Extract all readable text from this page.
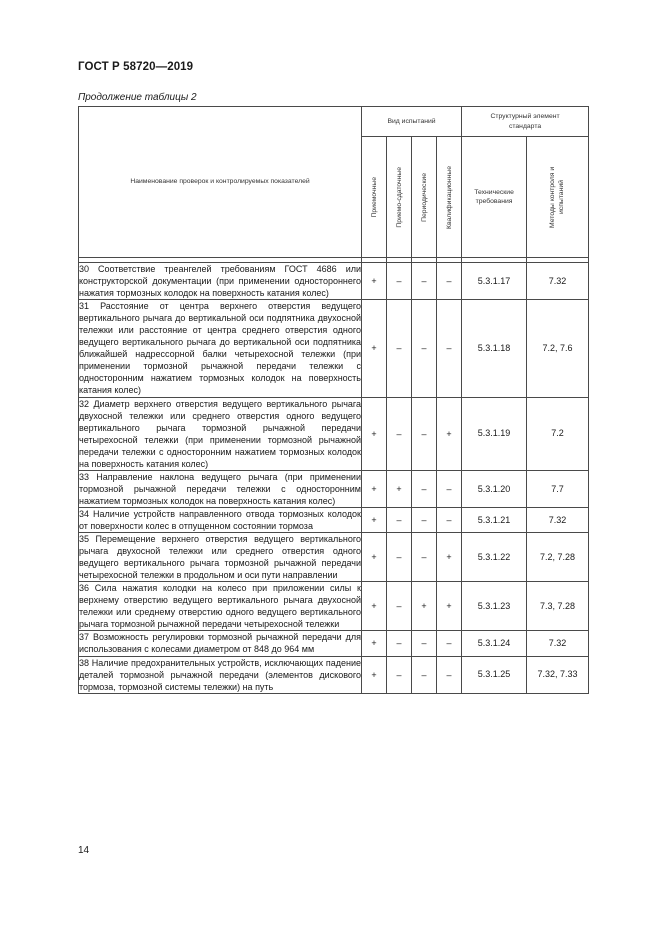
ГОСТ Р 58720—2019
Продолжение таблицы 2
Наименование проверок и контролируемых показателей	Вид испытаний				Структурный элемент стандарта	

	Приемочные	Приемо-сдаточные	Периодические	Квалификационные	Технические требования	Методы контроля и испытаний

30 Соответствие треангелей требованиям ГОСТ 4686 или конструкторской документации (при применении одностороннего нажатия тормозных колодок на поверхность катания колес)	+	–	–	–	5.3.1.17	7.32
31 Расстояние от центра верхнего отверстия ведущего вертикального рычага до вертикальной оси подпятника двухосной тележки или расстояние от центра среднего отверстия одного ведущего вертикального рычага до вертикальной оси подпятника ближайшей надрессорной балки четырехосной тележки (при применении тормозной рычажной передачи тележки с односторонним нажатием тормозных колодок на поверхность катания колес)	+	–	–	–	5.3.1.18	7.2, 7.6
32 Диаметр верхнего отверстия ведущего вертикального рычага двухосной тележки или среднего отверстия одного ведущего вертикального рычага тормозной рычажной передачи четырехосной тележки (при применении тормозной рычажной передачи тележки с односторонним нажатием тормозных колодок на поверхность катания колес)	+	–	–	+	5.3.1.19	7.2
33 Направление наклона ведущего рычага (при применении тормозной рычажной передачи тележки с односторонним нажатием тормозных колодок на поверхность катания колес)	+	+	–	–	5.3.1.20	7.7
34 Наличие устройств направленного отвода тормозных колодок от поверхности колес в отпущенном состоянии тормоза	+	–	–	–	5.3.1.21	7.32
35 Перемещение верхнего отверстия ведущего вертикального рычага двухосной тележки или среднего отверстия одного ведущего вертикального рычага тормозной рычажной передачи четырехосной тележки в продольном и оси пути направлении	+	–	–	+	5.3.1.22	7.2, 7.28
36 Сила нажатия колодки на колесо при приложении силы к верхнему отверстию ведущего вертикального рычага двухосной тележки или среднему отверстию одного ведущего вертикального рычага тормозной рычажной передачи четырехосной тележки	+	–	+	+	5.3.1.23	7.3, 7.28
37 Возможность регулировки тормозной рычажной передачи для использования с колесами диаметром от 848 до 964 мм	+	–	–	–	5.3.1.24	7.32
38 Наличие предохранительных устройств, исключающих падение деталей тормозной рычажной передачи (элементов дискового тормоза, тормозной системы тележки) на путь	+	–	–	–	5.3.1.25	7.32, 7.33
14
